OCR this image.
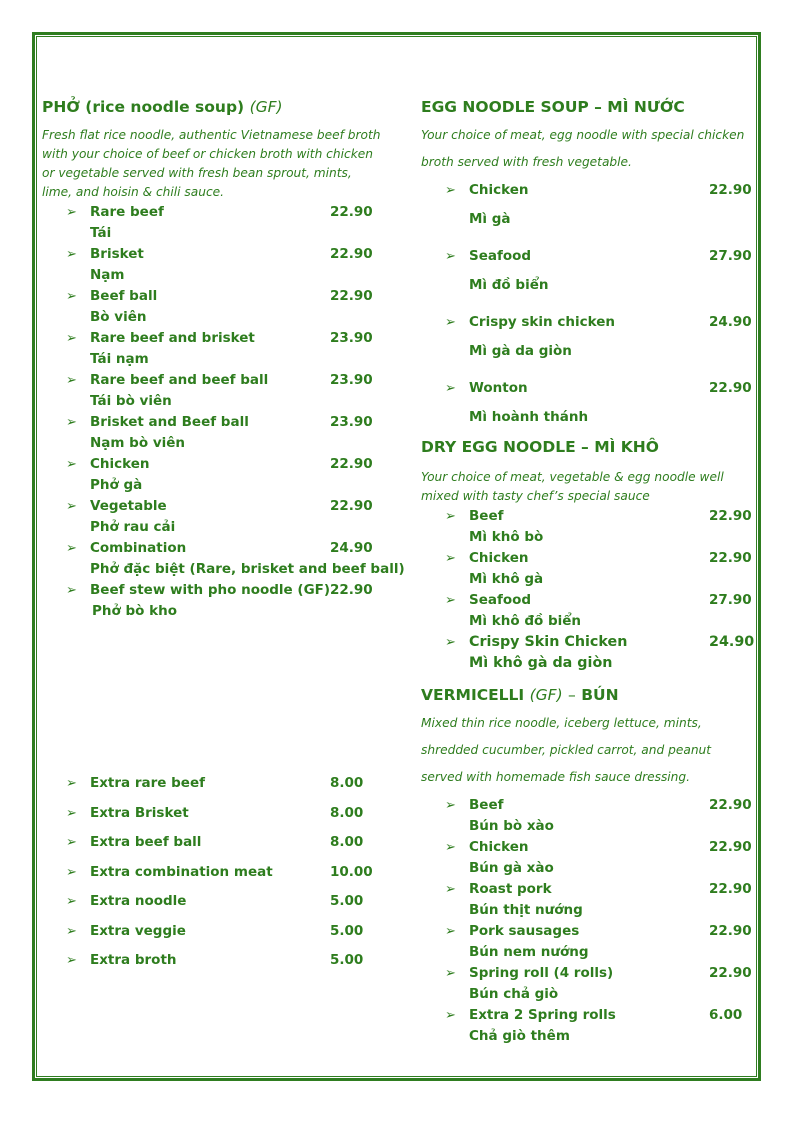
PHỞ (rice noodle soup) (GF)
Fresh flat rice noodle, authentic Vietnamese beef broth with your choice of beef or chicken broth with chicken or vegetable served with fresh bean sprout, mints, lime, and hoisin & chili sauce.
➢ Rare beef	22.90
Tái
➢ Brisket	22.90
Nạm
➢ Beef ball	22.90
Bò viên
➢ Rare beef and brisket	23.90
Tái nạm
➢ Rare beef and beef ball	23.90
Tái bò viên
➢ Brisket and Beef ball	23.90
Nạm bò viên
➢ Chicken	22.90
Phở gà
➢ Vegetable	22.90
Phở rau cải
➢ Combination	24.90
Phở đặc biệt (Rare, brisket and beef ball)
➢ Beef stew with pho noodle (GF) 22.90
Phở bò kho
➢ Extra rare beef	8.00
➢ Extra Brisket	8.00
➢ Extra beef ball	8.00
➢ Extra combination meat	10.00
➢ Extra noodle	5.00
➢ Extra veggie	5.00
➢ Extra broth	5.00
EGG NOODLE SOUP – MÌ NƯỚC
Your choice of meat, egg noodle with special chicken broth served with fresh vegetable.
➢ Chicken	22.90
Mì gà
➢ Seafood	27.90
Mì đồ biển
➢ Crispy skin chicken	24.90
Mì gà da giòn
➢ Wonton	22.90
Mì hoành thánh
DRY EGG NOODLE – MÌ KHÔ
Your choice of meat, vegetable & egg noodle well mixed with tasty chef’s special sauce
➢ Beef	22.90
Mì khô bò
➢ Chicken	22.90
Mì khô gà
➢ Seafood	27.90
Mì khô đồ biển
➢ Crispy Skin Chicken	24.90
Mì khô gà da giòn
VERMICELLI (GF) – BÚN
Mixed thin rice noodle, iceberg lettuce, mints, shredded cucumber, pickled carrot, and peanut served with homemade fish sauce dressing.
➢ Beef	22.90
Bún bò xào
➢ Chicken	22.90
Bún gà xào
➢ Roast pork	22.90
Bún thịt nướng
➢ Pork sausages	22.90
Bún nem nướng
➢ Spring roll (4 rolls)	22.90
Bún chả giò
➢ Extra 2 Spring rolls	6.00
Chả giò thêm
